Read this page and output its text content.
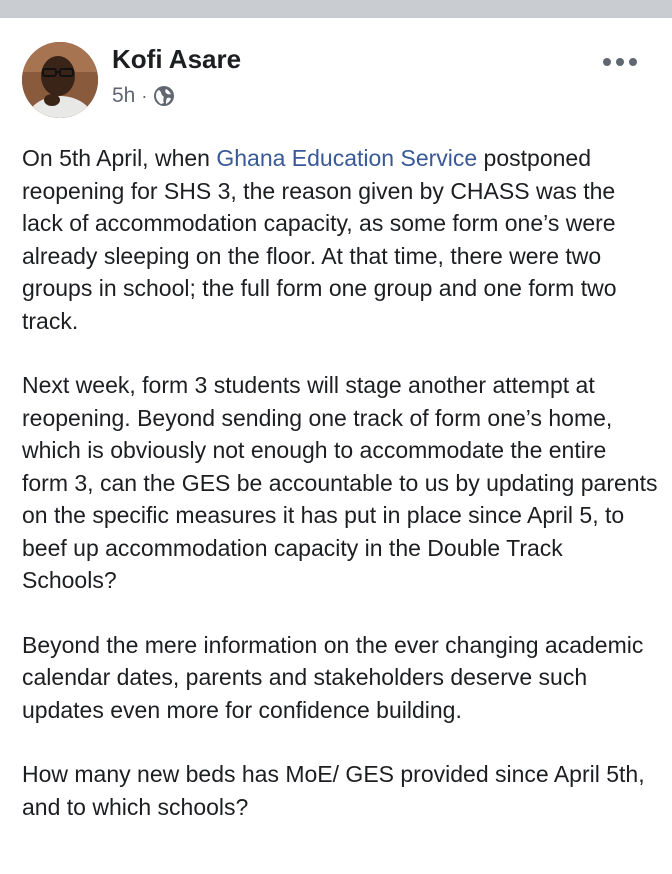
Kofi Asare
5h ·

On 5th April, when Ghana Education Service postponed reopening for SHS 3, the reason given by CHASS was the lack of accommodation capacity, as some form one’s were already sleeping on the floor. At that time, there were two groups in school; the full form one group and one form two track.

Next week, form 3 students will stage another attempt at reopening. Beyond sending one track of form one’s home, which is obviously not enough to accommodate the entire form 3, can the GES be accountable to us by updating parents on the specific measures it has put in place since April 5, to beef up accommodation capacity in the Double Track Schools?

Beyond the mere information on the ever changing academic calendar dates, parents and stakeholders deserve such updates even more for confidence building.

How many new beds has MoE/ GES provided since April 5th, and to which schools?
